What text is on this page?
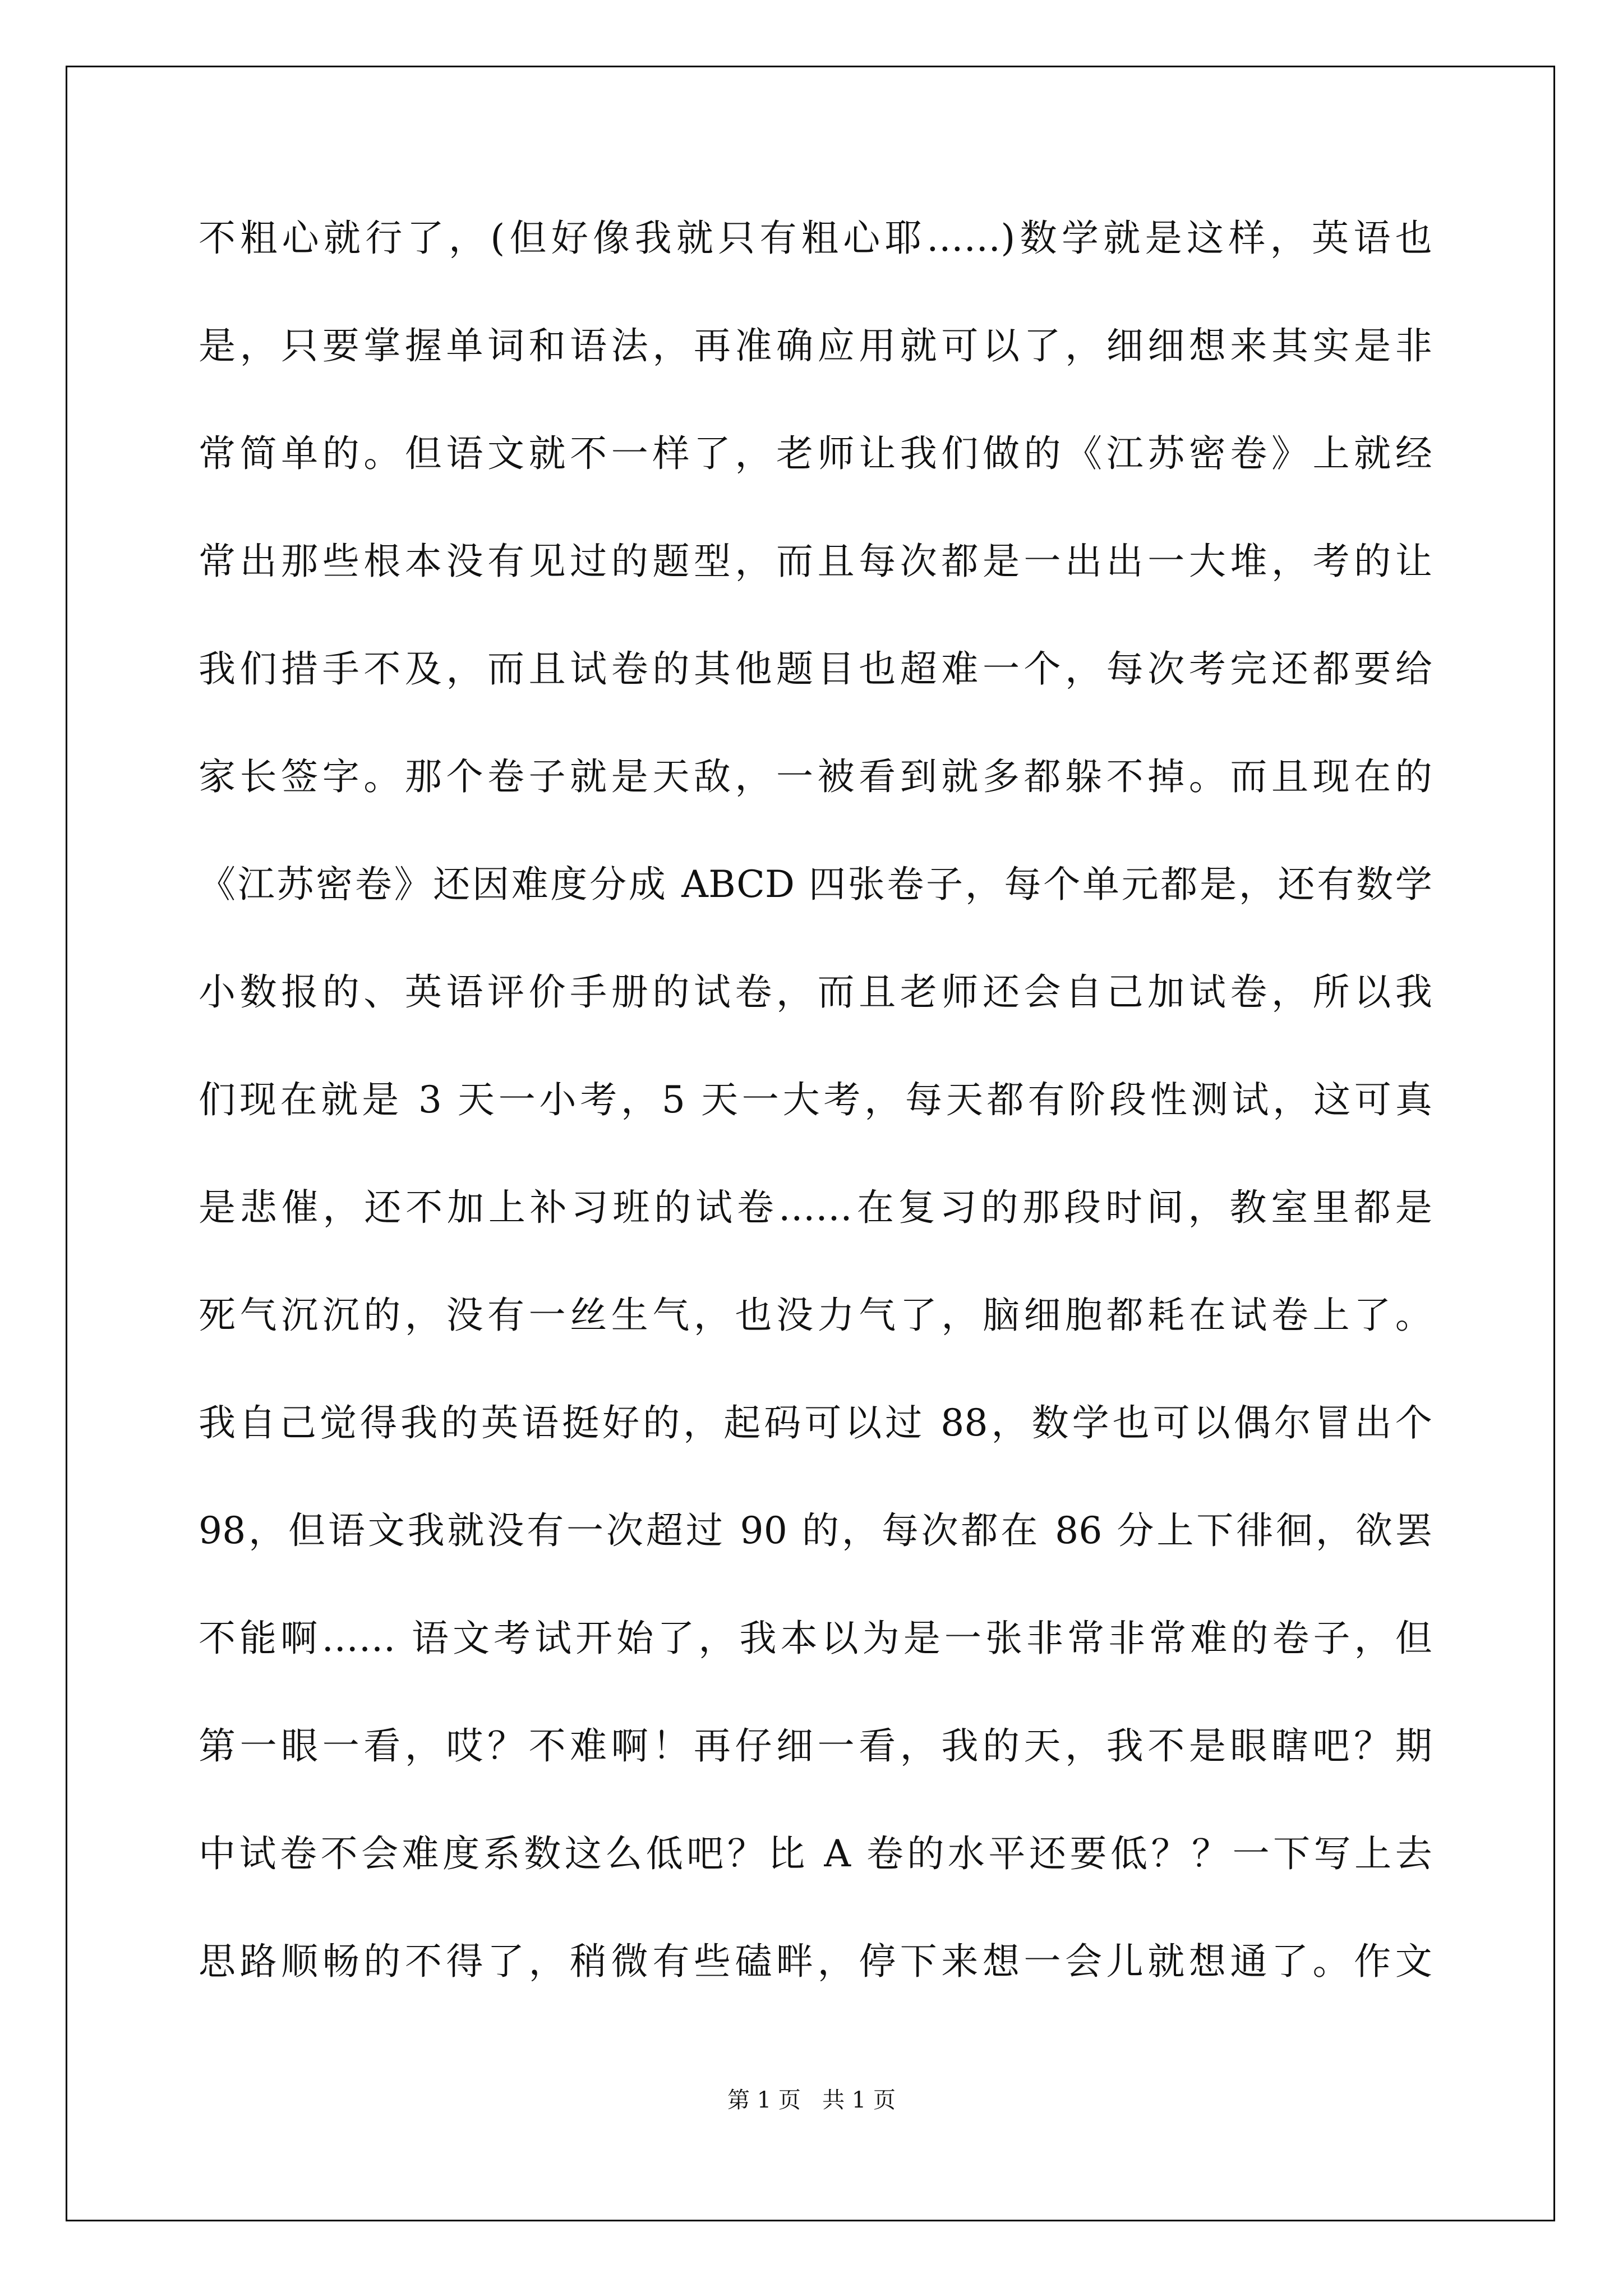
不粗心就行了，(但好像我就只有粗心耶……)数学就是这样，英语也
是，只要掌握单词和语法，再准确应用就可以了，细细想来其实是非
常简单的。但语文就不一样了，老师让我们做的《江苏密卷》上就经
常出那些根本没有见过的题型，而且每次都是一出出一大堆，考的让
我们措手不及，而且试卷的其他题目也超难一个，每次考完还都要给
家长签字。那个卷子就是天敌，一被看到就多都躲不掉。而且现在的
《江苏密卷》还因难度分成 ABCD 四张卷子，每个单元都是，还有数学
小数报的、英语评价手册的试卷，而且老师还会自己加试卷，所以我
们现在就是 3 天一小考，5 天一大考，每天都有阶段性测试，这可真
是悲催，还不加上补习班的试卷……在复习的那段时间，教室里都是
死气沉沉的，没有一丝生气，也没力气了，脑细胞都耗在试卷上了。
我自己觉得我的英语挺好的，起码可以过 88，数学也可以偶尔冒出个
98，但语文我就没有一次超过 90 的，每次都在 86 分上下徘徊，欲罢
不能啊…… 语文考试开始了，我本以为是一张非常非常难的卷子，但
第一眼一看，哎？不难啊！再仔细一看，我的天，我不是眼瞎吧？期
中试卷不会难度系数这么低吧？比 A 卷的水平还要低？？一下写上去
思路顺畅的不得了，稍微有些磕畔，停下来想一会儿就想通了。作文
第 1 页   共 1 页
